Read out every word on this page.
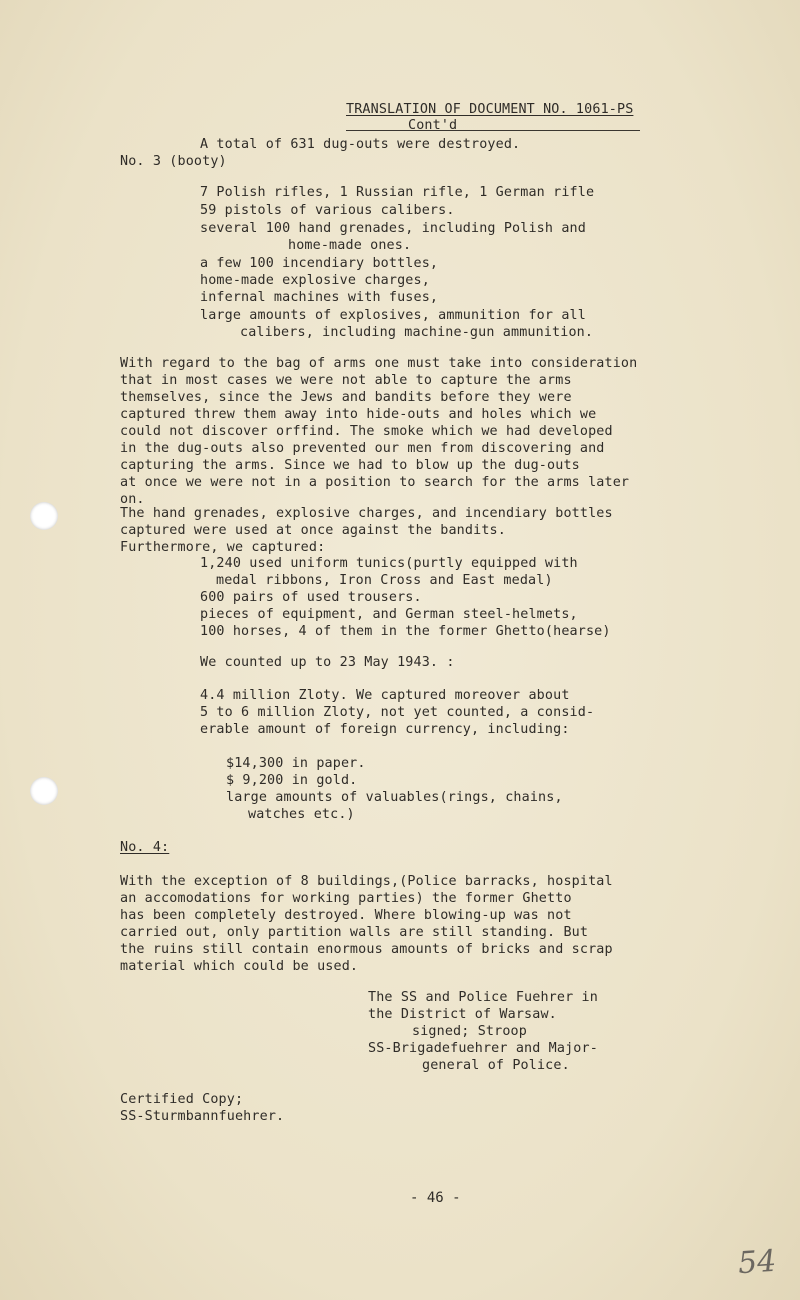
TRANSLATION OF DOCUMENT NO. 1061-PS
Cont'd
A total of 631 dug-outs were destroyed.
No. 3 (booty)
7 Polish rifles, 1 Russian rifle, 1 German rifle
59 pistols of various calibers.
several 100 hand grenades, including Polish and
home-made ones.
a few 100 incendiary bottles,
home-made explosive charges,
infernal machines with fuses,
large amounts of explosives, ammunition for all
calibers, including machine-gun ammunition.
With regard to the bag of arms one must take into consideration
that in most cases we were not able to capture the arms
themselves, since the Jews and bandits before they were
captured threw them away into hide-outs and holes which we
could not discover orffind. The smoke which we had developed
in the dug-outs also prevented our men from discovering and
capturing the arms. Since we had to blow up the dug-outs
at once we were not in a position to search for the arms later
on.
The hand grenades, explosive charges, and incendiary bottles
captured were used at once against the bandits.
Furthermore, we captured:
1,240 used uniform tunics(purtly equipped with
medal ribbons, Iron Cross and East medal)
600 pairs of used trousers.
pieces of equipment, and German steel-helmets,
100 horses, 4 of them in the former Ghetto(hearse)
We counted up to 23 May 1943. :
4.4 million Zloty. We captured moreover about
5 to 6 million Zloty, not yet counted, a consid-
erable amount of foreign currency, including:
$14,300 in paper.
$ 9,200 in gold.
large amounts of valuables(rings, chains,
watches etc.)
No. 4:
With the exception of 8 buildings,(Police barracks, hospital
an accomodations for working parties) the former Ghetto
has been completely destroyed. Where blowing-up was not
carried out, only partition walls are still standing. But
the ruins still contain enormous amounts of bricks and scrap
material which could be used.
The SS and Police Fuehrer in
the District of Warsaw.
signed; Stroop
SS-Brigadefuehrer and Major-
general of Police.
Certified Copy;
SS-Sturmbannfuehrer.
- 46 -
54
